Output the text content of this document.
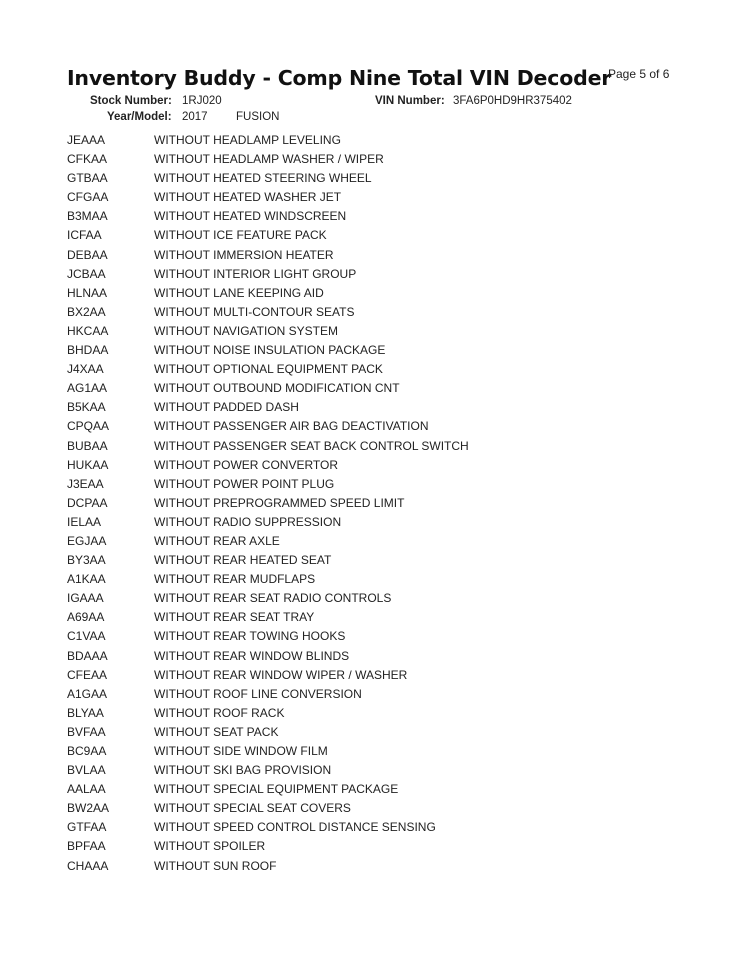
Inventory Buddy - Comp Nine Total VIN Decoder
Page 5 of 6
Stock Number: 1RJ020	VIN Number: 3FA6P0HD9HR375402
Year/Model: 2017 FUSION
JEAAA	WITHOUT HEADLAMP LEVELING
CFKAA	WITHOUT HEADLAMP WASHER / WIPER
GTBAA	WITHOUT HEATED STEERING WHEEL
CFGAA	WITHOUT HEATED WASHER JET
B3MAA	WITHOUT HEATED WINDSCREEN
ICFAA	WITHOUT ICE FEATURE PACK
DEBAA	WITHOUT IMMERSION HEATER
JCBAA	WITHOUT INTERIOR LIGHT GROUP
HLNAA	WITHOUT LANE KEEPING AID
BX2AA	WITHOUT MULTI-CONTOUR SEATS
HKCAA	WITHOUT NAVIGATION SYSTEM
BHDAA	WITHOUT NOISE INSULATION PACKAGE
J4XAA	WITHOUT OPTIONAL EQUIPMENT PACK
AG1AA	WITHOUT OUTBOUND MODIFICATION CNT
B5KAA	WITHOUT PADDED DASH
CPQAA	WITHOUT PASSENGER AIR BAG DEACTIVATION
BUBAA	WITHOUT PASSENGER SEAT BACK CONTROL SWITCH
HUKAA	WITHOUT POWER CONVERTOR
J3EAA	WITHOUT POWER POINT PLUG
DCPAA	WITHOUT PREPROGRAMMED SPEED LIMIT
IELAA	WITHOUT RADIO SUPPRESSION
EGJAA	WITHOUT REAR AXLE
BY3AA	WITHOUT REAR HEATED SEAT
A1KAA	WITHOUT REAR MUDFLAPS
IGAAA	WITHOUT REAR SEAT RADIO CONTROLS
A69AA	WITHOUT REAR SEAT TRAY
C1VAA	WITHOUT REAR TOWING HOOKS
BDAAA	WITHOUT REAR WINDOW BLINDS
CFEAA	WITHOUT REAR WINDOW WIPER / WASHER
A1GAA	WITHOUT ROOF LINE CONVERSION
BLYAA	WITHOUT ROOF RACK
BVFAA	WITHOUT SEAT PACK
BC9AA	WITHOUT SIDE WINDOW FILM
BVLAA	WITHOUT SKI BAG PROVISION
AALAA	WITHOUT SPECIAL EQUIPMENT PACKAGE
BW2AA	WITHOUT SPECIAL SEAT COVERS
GTFAA	WITHOUT SPEED CONTROL DISTANCE SENSING
BPFAA	WITHOUT SPOILER
CHAAA	WITHOUT SUN ROOF
